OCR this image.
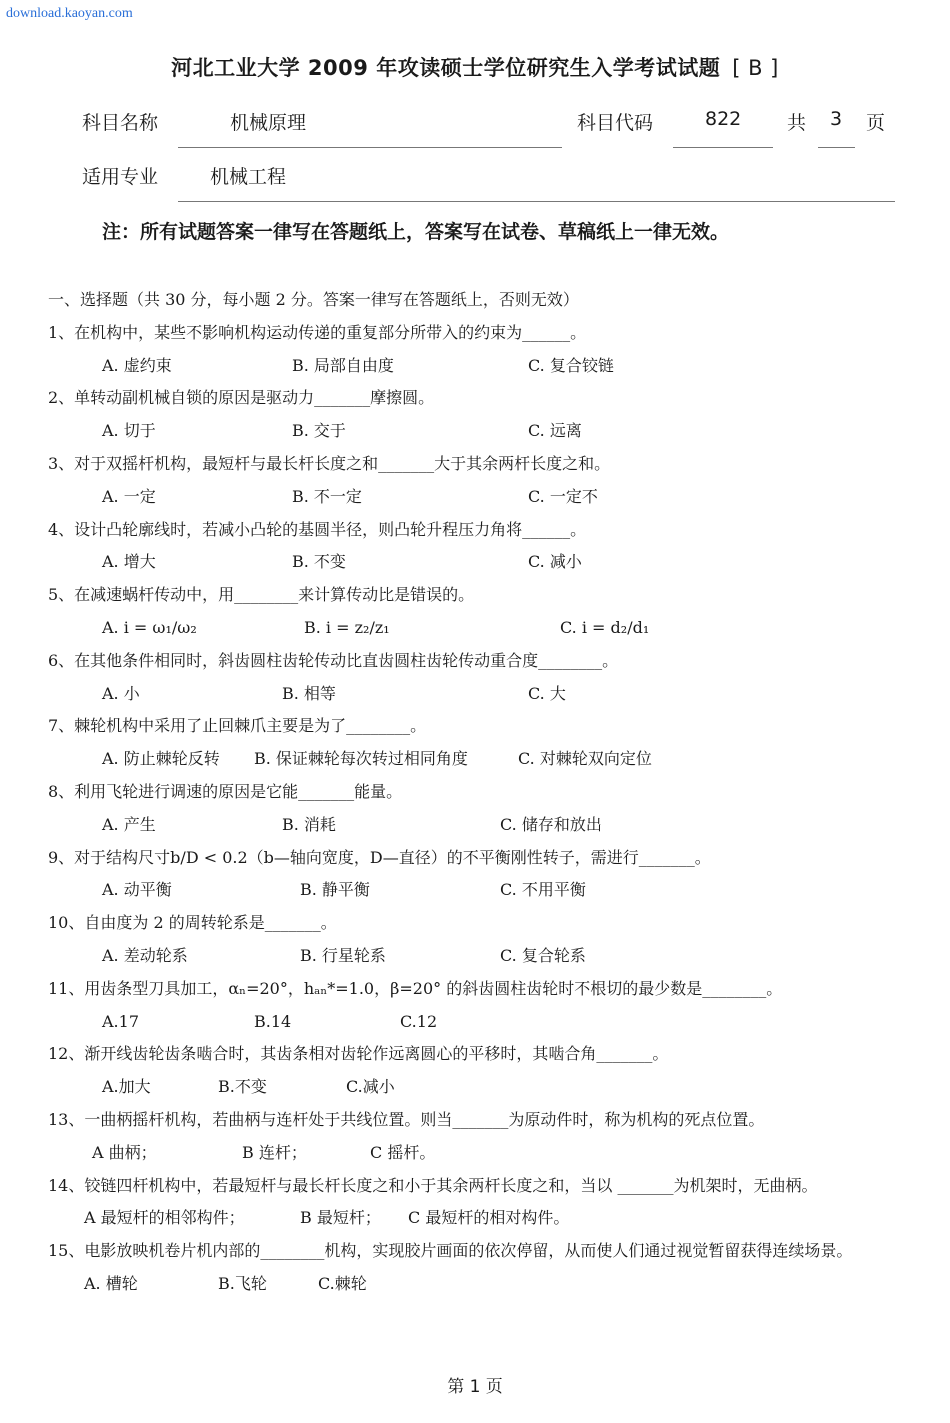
download.kaoyan.com
河北工业大学 2009 年攻读硕士学位研究生入学考试试题 [ B ]
科目名称	机械原理	科目代码	822 共 3 页
适用专业	机械工程
注：所有试题答案一律写在答题纸上，答案写在试卷、草稿纸上一律无效。
一、选择题（共 30 分，每小题 2 分。答案一律写在答题纸上，否则无效）
1、在机构中，某些不影响机构运动传递的重复部分所带入的约束为______。
A. 虚约束	B. 局部自由度	C. 复合铰链
2、单转动副机械自锁的原因是驱动力_______摩擦圆。
A. 切于	B. 交于	C. 远离
3、对于双摇杆机构，最短杆与最长杆长度之和_______大于其余两杆长度之和。
A. 一定	B. 不一定	C. 一定不
4、设计凸轮廓线时，若减小凸轮的基圆半径，则凸轮升程压力角将______。
A. 增大	B. 不变	C. 减小
5、在减速蜗杆传动中，用________来计算传动比是错误的。
A. i = ω₁/ω₂	B. i = z₂/z₁	C. i = d₂/d₁
6、在其他条件相同时，斜齿圆柱齿轮传动比直齿圆柱齿轮传动重合度________。
A. 小	B. 相等	C. 大
7、棘轮机构中采用了止回棘爪主要是为了________。
A. 防止棘轮反转	B. 保证棘轮每次转过相同角度	C. 对棘轮双向定位
8、利用飞轮进行调速的原因是它能_______能量。
A. 产生	B. 消耗	C. 储存和放出
9、对于结构尺寸b/D < 0.2（b—轴向宽度，D—直径）的不平衡刚性转子，需进行_______。
A. 动平衡	B. 静平衡	C. 不用平衡
10、自由度为 2 的周转轮系是_______。
A. 差动轮系	B. 行星轮系	C. 复合轮系
11、用齿条型刀具加工，αₙ=20°，hₐₙ*=1.0，β=20° 的斜齿圆柱齿轮时不根切的最少数是________。
A.17	B.14	C.12
12、渐开线齿轮齿条啮合时，其齿条相对齿轮作远离圆心的平移时，其啮合角_______。
A.加大	B.不变	C.减小
13、一曲柄摇杆机构，若曲柄与连杆处于共线位置。则当_______为原动件时，称为机构的死点位置。
A 曲柄；	B 连杆；	C 摇杆。
14、铰链四杆机构中，若最短杆与最长杆长度之和小于其余两杆长度之和，当以 _______为机架时，无曲柄。
A 最短杆的相邻构件；	B 最短杆；	C 最短杆的相对构件。
15、电影放映机卷片机内部的________机构，实现胶片画面的依次停留，从而使人们通过视觉暂留获得连续场景。
A. 槽轮	B.飞轮	C.棘轮
第 1 页
